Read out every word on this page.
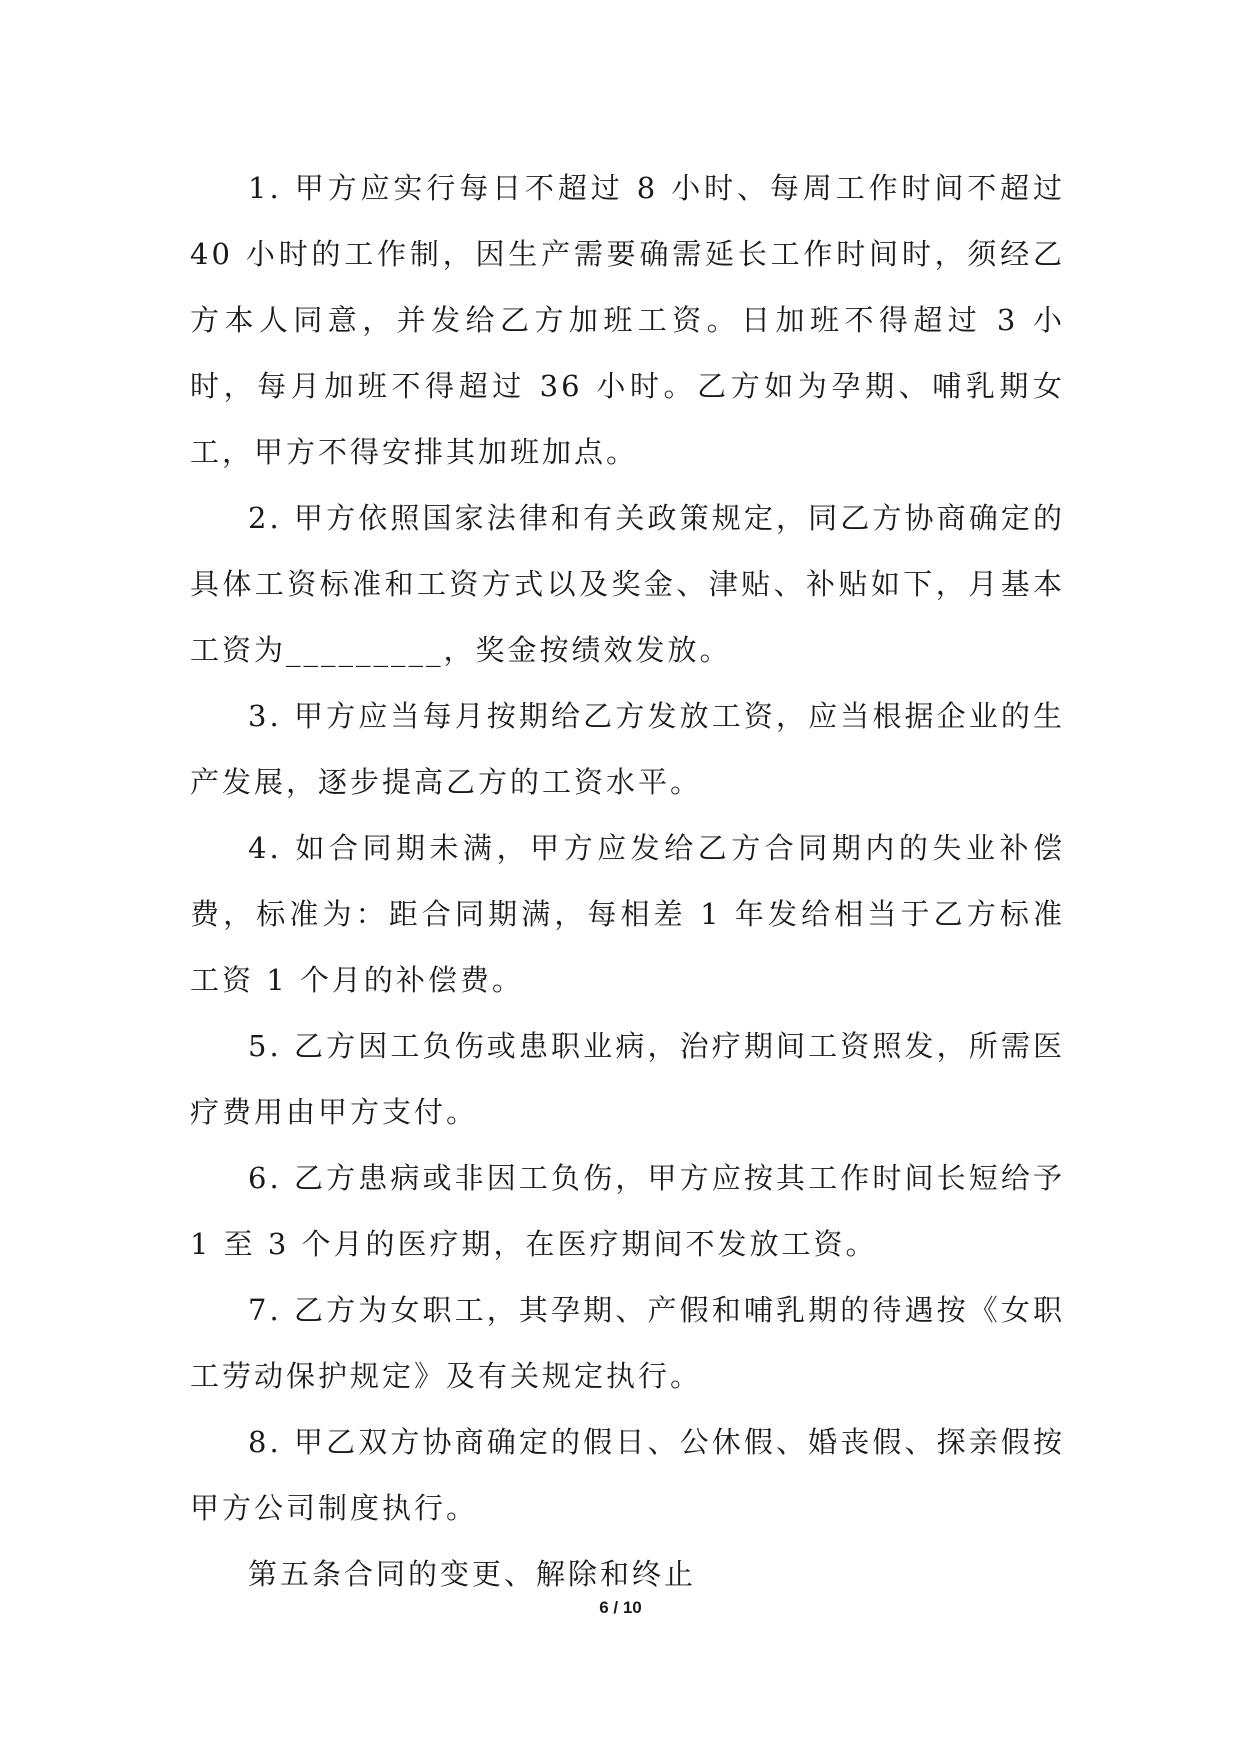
1. 甲方应实行每日不超过 8 小时、每周工作时间不超过 40 小时的工作制，因生产需要确需延长工作时间时，须经乙方本人同意，并发给乙方加班工资。日加班不得超过 3 小时，每月加班不得超过 36 小时。乙方如为孕期、哺乳期女工，甲方不得安排其加班加点。

2. 甲方依照国家法律和有关政策规定，同乙方协商确定的具体工资标准和工资方式以及奖金、津贴、补贴如下，月基本工资为_________，奖金按绩效发放。

3. 甲方应当每月按期给乙方发放工资，应当根据企业的生产发展，逐步提高乙方的工资水平。

4. 如合同期未满，甲方应发给乙方合同期内的失业补偿费，标准为：距合同期满，每相差 1 年发给相当于乙方标准工资 1 个月的补偿费。

5. 乙方因工负伤或患职业病，治疗期间工资照发，所需医疗费用由甲方支付。

6. 乙方患病或非因工负伤，甲方应按其工作时间长短给予 1 至 3 个月的医疗期，在医疗期间不发放工资。

7. 乙方为女职工，其孕期、产假和哺乳期的待遇按《女职工劳动保护规定》及有关规定执行。

8. 甲乙双方协商确定的假日、公休假、婚丧假、探亲假按甲方公司制度执行。

第五条合同的变更、解除和终止

6 / 10
